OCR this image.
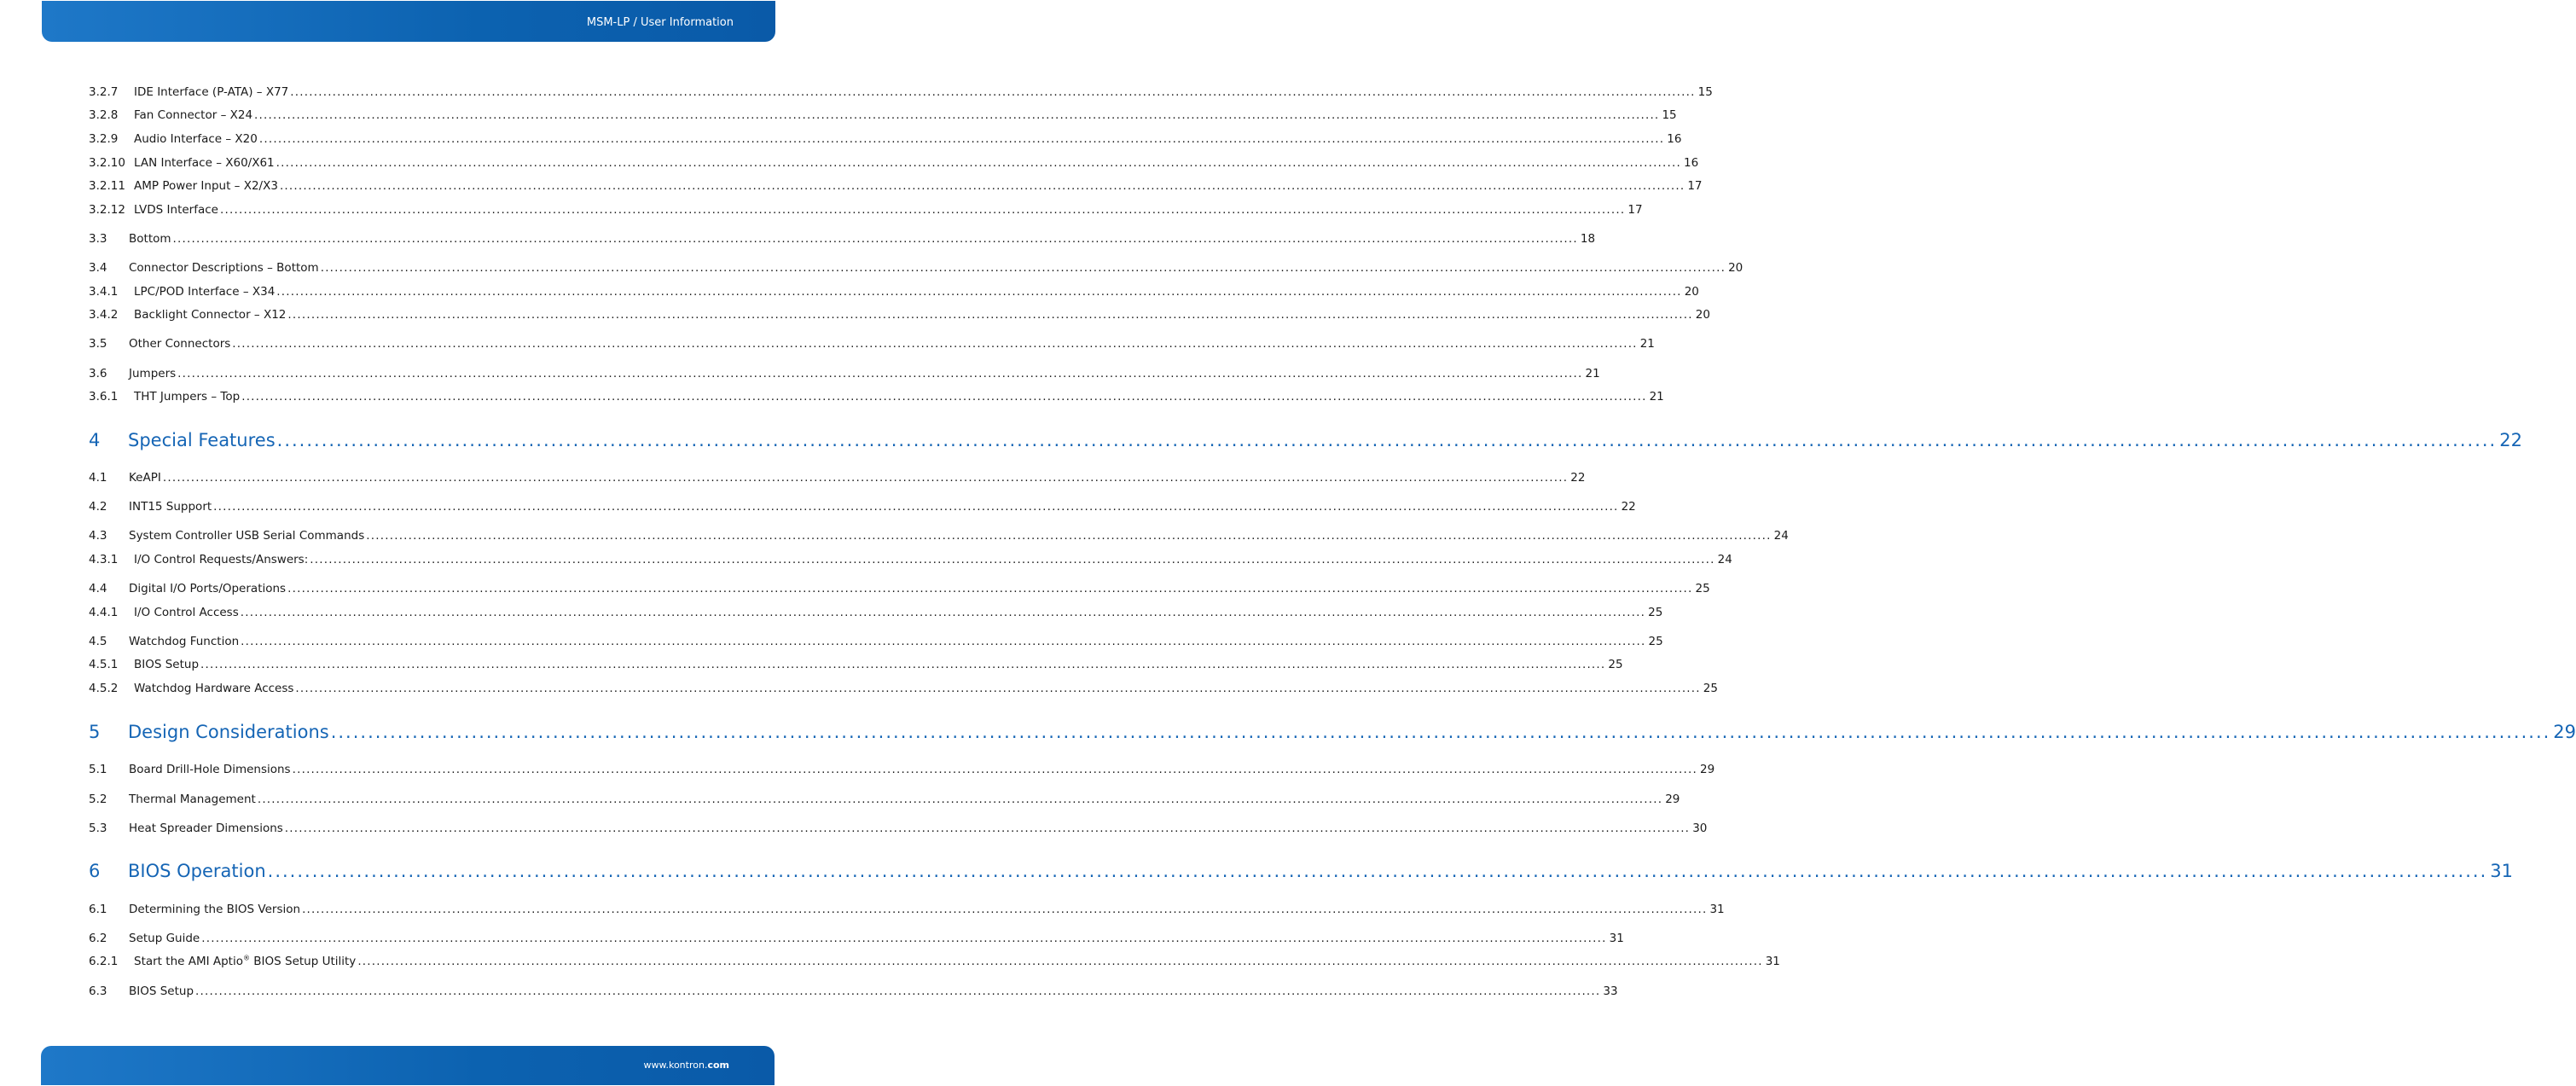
MSM-LP / User Information
3.2.7 IDE Interface (P-ATA) – X77 ............................................................................................................................................................................................................................................................................................................ 15
3.2.8 Fan Connector – X24 ............................................................................................................................................................................................................................................................................................................ 15
3.2.9 Audio Interface – X20 ............................................................................................................................................................................................................................................................................................................ 16
3.2.10 LAN Interface – X60/X61 ............................................................................................................................................................................................................................................................................................................ 16
3.2.11 AMP Power Input – X2/X3 ............................................................................................................................................................................................................................................................................................................ 17
3.2.12 LVDS Interface ............................................................................................................................................................................................................................................................................................................ 17
3.3 Bottom ............................................................................................................................................................................................................................................................................................................ 18
3.4 Connector Descriptions – Bottom ............................................................................................................................................................................................................................................................................................................ 20
3.4.1 LPC/POD Interface – X34 ............................................................................................................................................................................................................................................................................................................ 20
3.4.2 Backlight Connector – X12 ............................................................................................................................................................................................................................................................................................................ 20
3.5 Other Connectors ............................................................................................................................................................................................................................................................................................................ 21
3.6 Jumpers ............................................................................................................................................................................................................................................................................................................ 21
3.6.1 THT Jumpers – Top ............................................................................................................................................................................................................................................................................................................ 21
4 Special Features ............................................................................................................................................................................................................................................................................................................ 22
4.1 KeAPI ............................................................................................................................................................................................................................................................................................................ 22
4.2 INT15 Support ............................................................................................................................................................................................................................................................................................................ 22
4.3 System Controller USB Serial Commands ............................................................................................................................................................................................................................................................................................................ 24
4.3.1 I/O Control Requests/Answers: ............................................................................................................................................................................................................................................................................................................ 24
4.4 Digital I/O Ports/Operations ............................................................................................................................................................................................................................................................................................................ 25
4.4.1 I/O Control Access ............................................................................................................................................................................................................................................................................................................ 25
4.5 Watchdog Function ............................................................................................................................................................................................................................................................................................................ 25
4.5.1 BIOS Setup ............................................................................................................................................................................................................................................................................................................ 25
4.5.2 Watchdog Hardware Access ............................................................................................................................................................................................................................................................................................................ 25
5 Design Considerations ............................................................................................................................................................................................................................................................................................................ 29
5.1 Board Drill-Hole Dimensions ............................................................................................................................................................................................................................................................................................................ 29
5.2 Thermal Management ............................................................................................................................................................................................................................................................................................................ 29
5.3 Heat Spreader Dimensions ............................................................................................................................................................................................................................................................................................................ 30
6 BIOS Operation ............................................................................................................................................................................................................................................................................................................ 31
6.1 Determining the BIOS Version ............................................................................................................................................................................................................................................................................................................ 31
6.2 Setup Guide ............................................................................................................................................................................................................................................................................................................ 31
6.2.1 Start the AMI Aptio® BIOS Setup Utility ............................................................................................................................................................................................................................................................................................................ 31
6.3 BIOS Setup ............................................................................................................................................................................................................................................................................................................ 33
www.kontron.com
